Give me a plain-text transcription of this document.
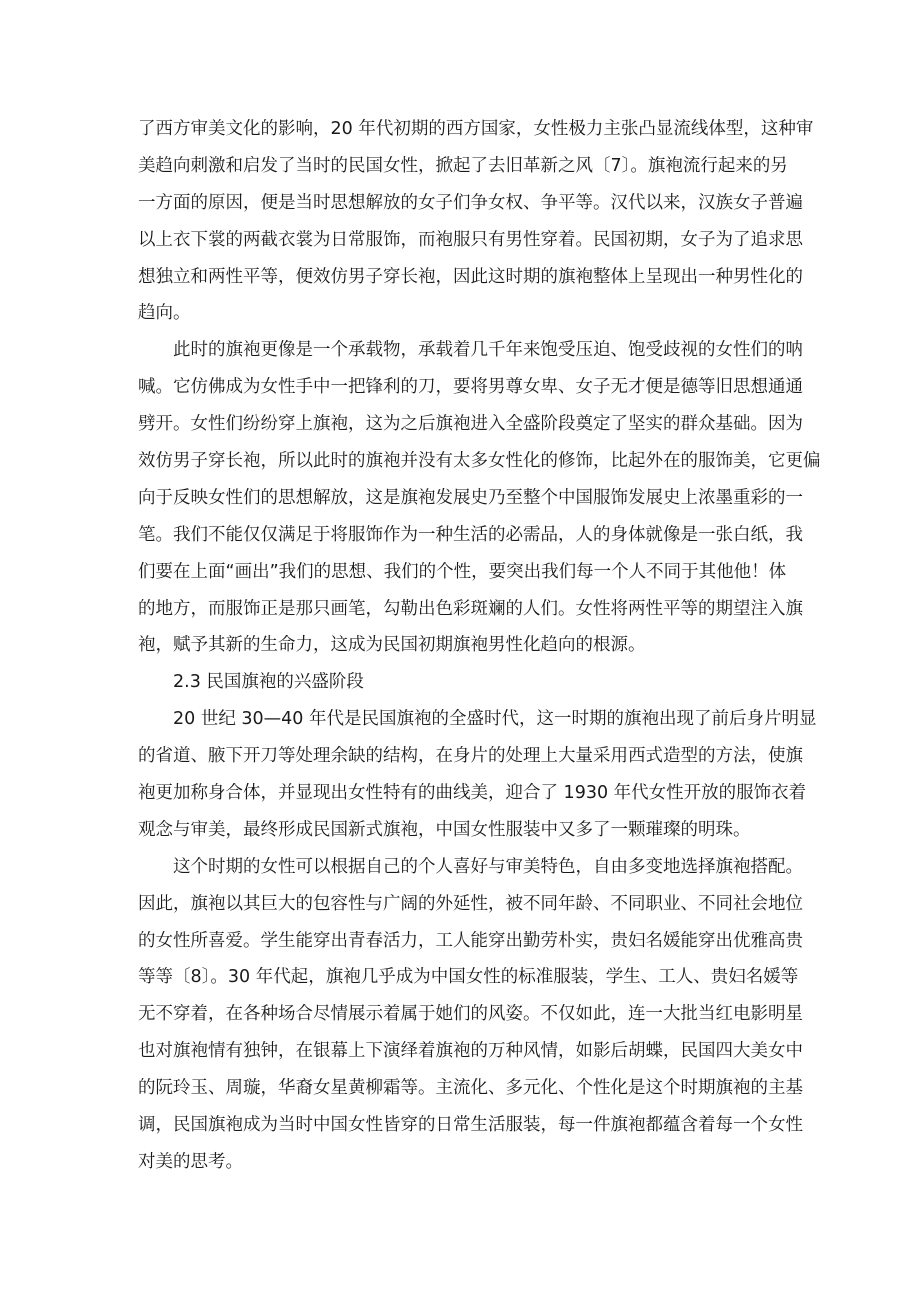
了西方审美文化的影响，20 年代初期的西方国家，女性极力主张凸显流线体型，这种审
美趋向刺激和启发了当时的民国女性，掀起了去旧革新之风〔7〕。旗袍流行起来的另
一方面的原因，便是当时思想解放的女子们争女权、争平等。汉代以来，汉族女子普遍
以上衣下裳的两截衣裳为日常服饰，而袍服只有男性穿着。民国初期，女子为了追求思
想独立和两性平等，便效仿男子穿长袍，因此这时期的旗袍整体上呈现出一种男性化的
趋向。
　　此时的旗袍更像是一个承载物，承载着几千年来饱受压迫、饱受歧视的女性们的呐
喊。它仿佛成为女性手中一把锋利的刀，要将男尊女卑、女子无才便是德等旧思想通通
劈开。女性们纷纷穿上旗袍，这为之后旗袍进入全盛阶段奠定了坚实的群众基础。因为
效仿男子穿长袍，所以此时的旗袍并没有太多女性化的修饰，比起外在的服饰美，它更偏
向于反映女性们的思想解放，这是旗袍发展史乃至整个中国服饰发展史上浓墨重彩的一
笔。我们不能仅仅满足于将服饰作为一种生活的必需品，人的身体就像是一张白纸，我
们要在上面“画出”我们的思想、我们的个性，要突出我们每一个人不同于其他他！体
的地方，而服饰正是那只画笔，勾勒出色彩斑斓的人们。女性将两性平等的期望注入旗
袍，赋予其新的生命力，这成为民国初期旗袍男性化趋向的根源。
　　2.3 民国旗袍的兴盛阶段
　　20 世纪 30—40 年代是民国旗袍的全盛时代，这一时期的旗袍出现了前后身片明显
的省道、腋下开刀等处理余缺的结构，在身片的处理上大量采用西式造型的方法，使旗
袍更加称身合体，并显现出女性特有的曲线美，迎合了 1930 年代女性开放的服饰衣着
观念与审美，最终形成民国新式旗袍，中国女性服装中又多了一颗璀璨的明珠。
　　这个时期的女性可以根据自己的个人喜好与审美特色，自由多变地选择旗袍搭配。
因此，旗袍以其巨大的包容性与广阔的外延性，被不同年龄、不同职业、不同社会地位
的女性所喜爱。学生能穿出青春活力，工人能穿出勤劳朴实，贵妇名媛能穿出优雅高贵
等等〔8〕。30 年代起，旗袍几乎成为中国女性的标准服装，学生、工人、贵妇名媛等
无不穿着，在各种场合尽情展示着属于她们的风姿。不仅如此，连一大批当红电影明星
也对旗袍情有独钟，在银幕上下演绎着旗袍的万种风情，如影后胡蝶，民国四大美女中
的阮玲玉、周璇，华裔女星黄柳霜等。主流化、多元化、个性化是这个时期旗袍的主基
调，民国旗袍成为当时中国女性皆穿的日常生活服装，每一件旗袍都蕴含着每一个女性
对美的思考。
